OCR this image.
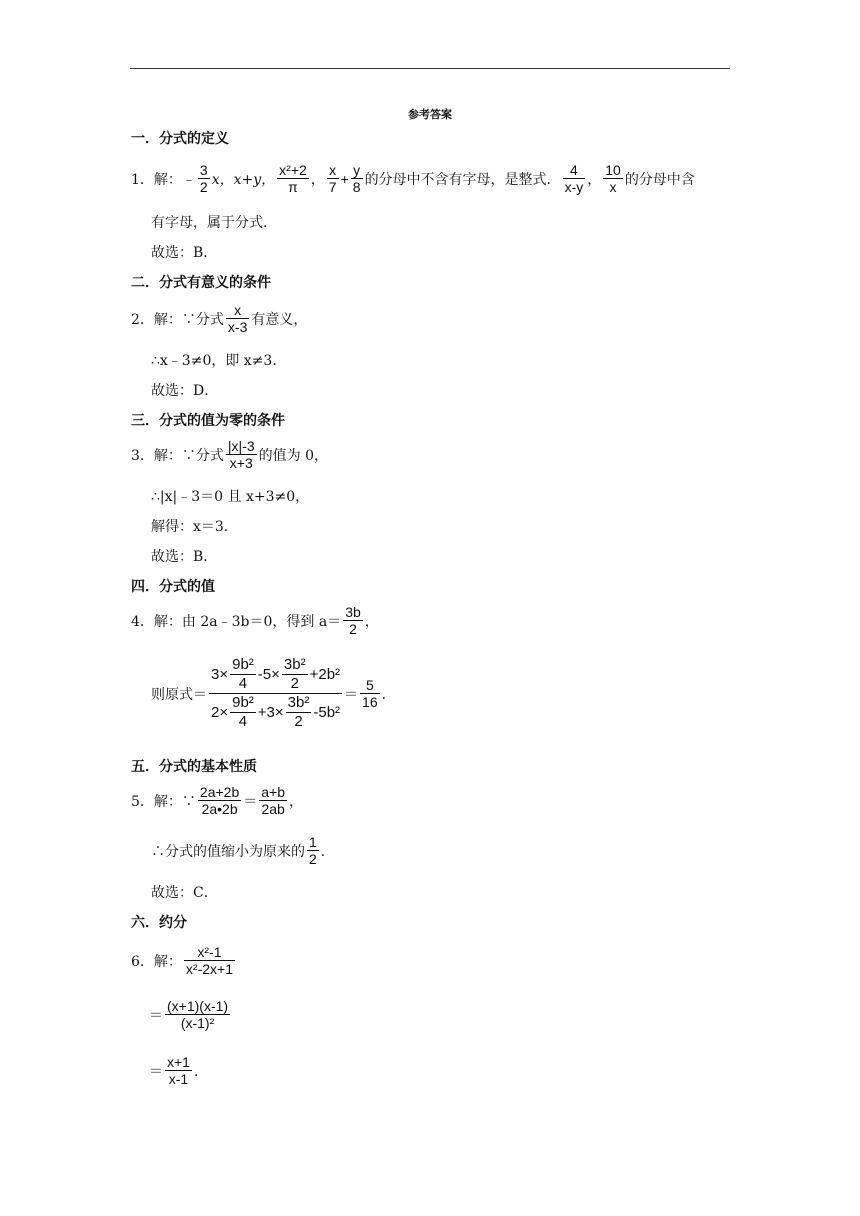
参考答案
一．分式的定义
1．解： ﹣ $\frac{3}{2}$ x，x+y， $\frac{\text{x²+2}}{\pi}$ ， $\frac{x}{7} + \frac{y}{8}$ 的分母中不含有字母，是整式． $\frac{4}{x-y}$ ， $\frac{10}{x}$ 的分母中含
有字母，属于分式．
故选：B．
二．分式有意义的条件
2．解：∵分式 $\frac{x}{x-3}$ 有意义，
∴x﹣3≠0，即 x≠3．
故选：D．
三．分式的值为零的条件
3．解：∵分式 $\frac{|x|-3}{x+3}$ 的值为 0，
∴|x|﹣3＝0 且 x+3≠0，
解得：x＝3．
故选：B．
四．分式的值
4．解：由 2a﹣3b＝0，得到 $a= \frac{3b}{2}$ ，
则原式＝ $\frac{3\times \frac{\text{9b²}}{4} -5\times \frac{\text{3b²}}{2} +2b^2}{2\times \frac{\text{9b²}}{4} +3\times \frac{\text{3b²}}{2} -5b^2} = \frac{5}{16}$ ．
五．分式的基本性质
5．解：∵ $\frac{2a+2b}{2a•2b} = \frac{a+b}{2ab}$ ，
∴分式的值缩小为原来的 $\frac{1}{2}$ ．
故选：C．
六．约分
6．解： $\frac{\text{x²-1}}{\text{x²-2x+1}}$
＝ $\frac{(x+1)(x-1)}{\text{(x-1)²}}$
＝ $\frac{x+1}{x-1}$ ．
